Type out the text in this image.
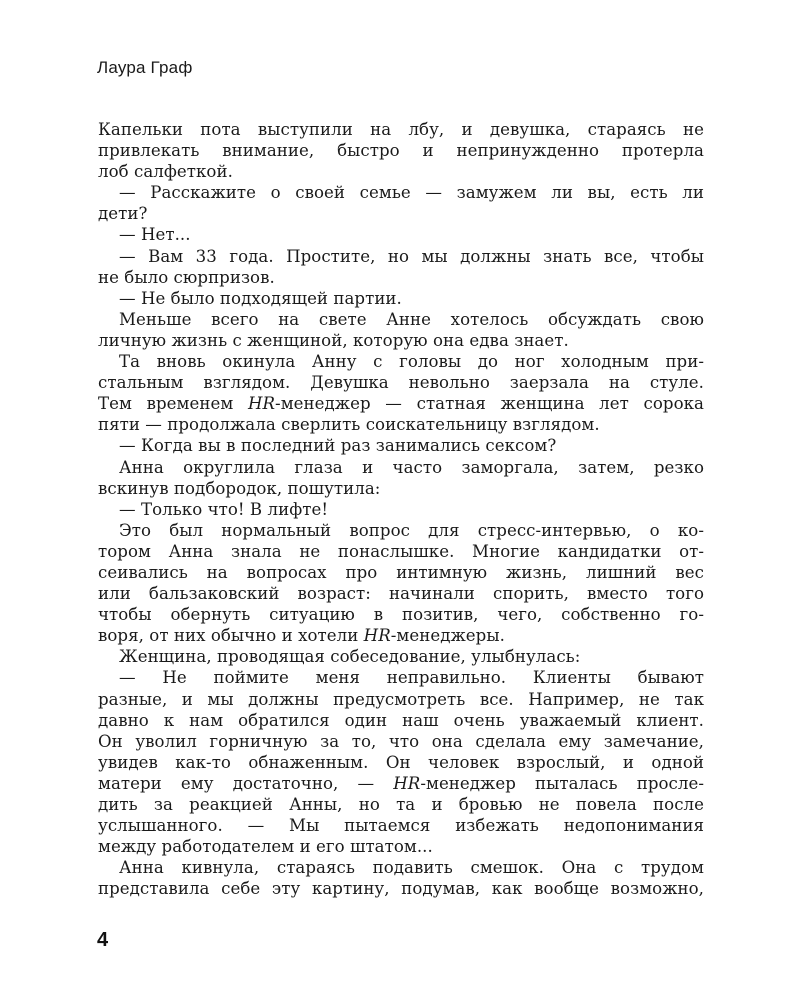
Лаура Граф
Капельки пота выступили на лбу, и девушка, стараясь не
привлекать внимание, быстро и непринужденно протерла
лоб салфеткой.
— Расскажите о своей семье — замужем ли вы, есть ли
дети?
— Нет...
— Вам 33 года. Простите, но мы должны знать все, чтобы
не было сюрпризов.
— Не было подходящей партии.
Меньше всего на свете Анне хотелось обсуждать свою
личную жизнь с женщиной, которую она едва знает.
Та вновь окинула Анну с головы до ног холодным при-
стальным взглядом. Девушка невольно заерзала на стуле.
Тем временем HR-менеджер — статная женщина лет сорока
пяти — продолжала сверлить соискательницу взглядом.
— Когда вы в последний раз занимались сексом?
Анна округлила глаза и часто заморгала, затем, резко
вскинув подбородок, пошутила:
— Только что! В лифте!
Это был нормальный вопрос для стресс-интервью, о ко-
тором Анна знала не понаслышке. Многие кандидатки от-
сеивались на вопросах про интимную жизнь, лишний вес
или бальзаковский возраст: начинали спорить, вместо того
чтобы обернуть ситуацию в позитив, чего, собственно го-
воря, от них обычно и хотели HR-менеджеры.
Женщина, проводящая собеседование, улыбнулась:
— Не поймите меня неправильно. Клиенты бывают
разные, и мы должны предусмотреть все. Например, не так
давно к нам обратился один наш очень уважаемый клиент.
Он уволил горничную за то, что она сделала ему замечание,
увидев как-то обнаженным. Он человек взрослый, и одной
матери ему достаточно, — HR-менеджер пыталась просле-
дить за реакцией Анны, но та и бровью не повела после
услышанного. — Мы пытаемся избежать недопонимания
между работодателем и его штатом...
Анна кивнула, стараясь подавить смешок. Она с трудом
представила себе эту картину, подумав, как вообще возможно,
4
